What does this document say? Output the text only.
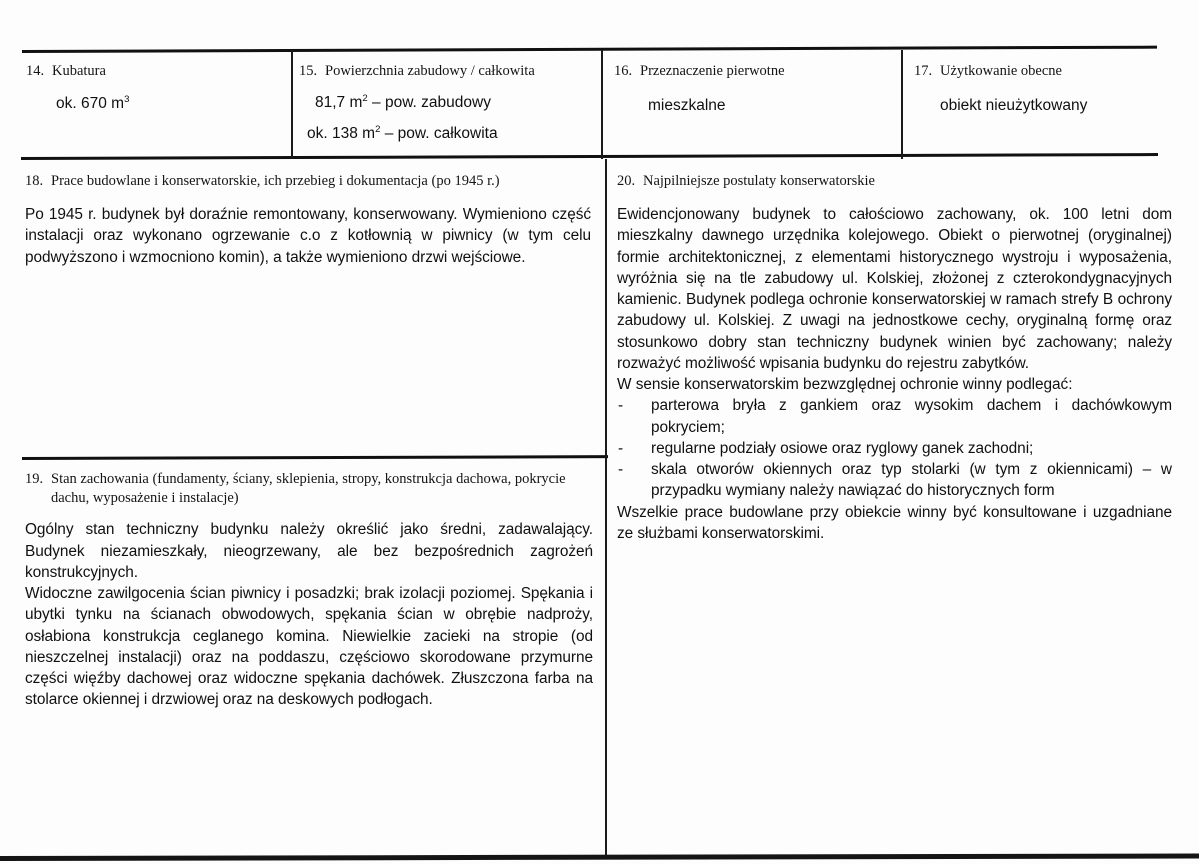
14. Kubatura
ok. 670 $m^3$
15. Powierzchnia zabudowy / całkowita
81,7 $m^2$ – pow. zabudowy
ok. 138 $m^2$ – pow. całkowita
16. Przeznaczenie pierwotne
mieszkalne
17. Użytkowanie obecne
obiekt nieużytkowany
18. Prace budowlane i konserwatorskie, ich przebieg i dokumentacja (po 1945 r.)

Po 1945 r. budynek był doraźnie remontowany, konserwowany. Wymieniono część instalacji oraz wykonano ogrzewanie c.o z kotłownią w piwnicy (w tym celu podwyższono i wzmocniono komin), a także wymieniono drzwi wejściowe.

19. Stan zachowania (fundamenty, ściany, sklepienia, stropy, konstrukcja dachowa, pokrycie
dachu, wyposażenie i instalacje)

Ogólny stan techniczny budynku należy określić jako średni, zadawalający. Budynek niezamieszkały, nieogrzewany, ale bez bezpośrednich zagrożeń konstrukcyjnych.

Widoczne zawilgocenia ścian piwnicy i posadzki; brak izolacji poziomej. Spękania i ubytki tynku na ścianach obwodowych, spękania ścian w obrębie nadproży, osłabiona konstrukcja ceglanego komina. Niewielkie zacieki na stropie (od nieszczelnej instalacji) oraz na poddaszu, częściowo skorodowane przymurne części więźby dachowej oraz widoczne spękania dachówek. Złuszczona farba na stolarce okiennej i drzwiowej oraz na deskowych podłogach.

20. Najpilniejsze postulaty konserwatorskie

Ewidencjonowany budynek to całościowo zachowany, ok. 100 letni dom mieszkalny dawnego urzędnika kolejowego. Obiekt o pierwotnej (oryginalnej) formie architektonicznej, z elementami historycznego wystroju i wyposażenia, wyróżnia się na tle zabudowy ul. Kolskiej, złożonej z czterokondygnacyjnych kamienic. Budynek podlega ochronie konserwatorskiej w ramach strefy B ochrony zabudowy ul. Kolskiej. Z uwagi na jednostkowe cechy, oryginalną formę oraz stosunkowo dobry stan techniczny budynek winien być zachowany; należy rozważyć możliwość wpisania budynku do rejestru zabytków.

W sensie konserwatorskim bezwzględnej ochronie winny podlegać:

- parterowa bryła z gankiem oraz wysokim dachem i dachówkowym pokryciem;
- regularne podziały osiowe oraz ryglowy ganek zachodni;
- skala otworów okiennych oraz typ stolarki (w tym z okiennicami) – w przypadku wymiany należy nawiązać do historycznych form

Wszelkie prace budowlane przy obiekcie winny być konsultowane i uzgadniane ze służbami konserwatorskimi.
